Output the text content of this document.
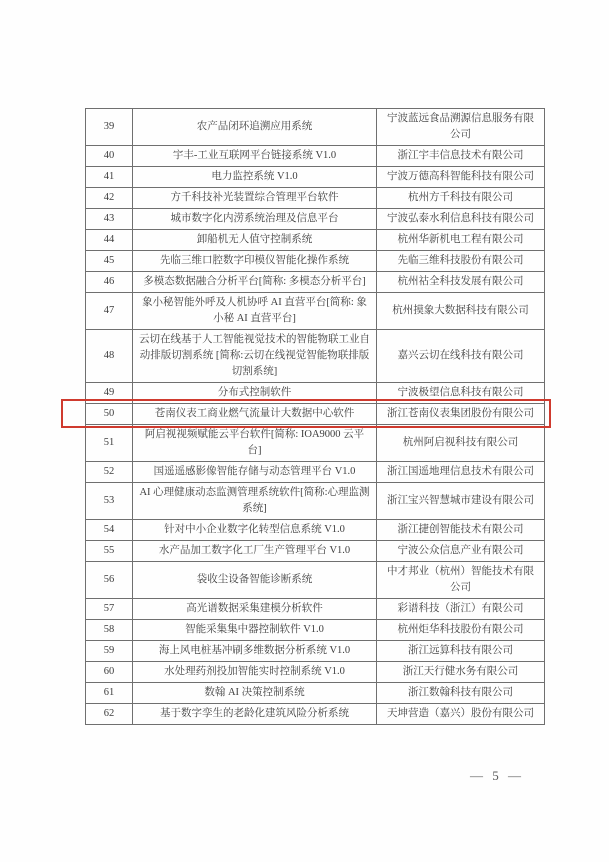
39	农产品闭环追溯应用系统	宁波蓝远食品溯源信息服务有限公司
40	宇丰-工业互联网平台链接系统 V1.0	浙江宇丰信息技术有限公司
41	电力监控系统 V1.0	宁波万德高科智能科技有限公司
42	方千科技补光装置综合管理平台软件	杭州方千科技有限公司
43	城市数字化内涝系统治理及信息平台	宁波弘泰水利信息科技有限公司
44	卸船机无人值守控制系统	杭州华新机电工程有限公司
45	先临三维口腔数字印模仪智能化操作系统	先临三维科技股份有限公司
46	多模态数据融合分析平台[简称: 多模态分析平台]	杭州祜全科技发展有限公司
47	象小秘智能外呼及人机协呼 AI 直营平台[简称: 象小秘 AI 直营平台]	杭州摸象大数据科技有限公司
48	云切在线基于人工智能视觉技术的智能物联工业自动排版切割系统 [简称:云切在线视觉智能物联排版切割系统]	嘉兴云切在线科技有限公司
49	分布式控制软件	宁波极望信息科技有限公司
50	苍南仪表工商业燃气流量计大数据中心软件	浙江苍南仪表集团股份有限公司
51	阿启视视频赋能云平台软件[简称: IOA9000 云平台]	杭州阿启视科技有限公司
52	国遥遥感影像智能存储与动态管理平台 V1.0	浙江国遥地理信息技术有限公司
53	AI 心理健康动态监测管理系统软件[简称:心理监测系统]	浙江宝兴智慧城市建设有限公司
54	针对中小企业数字化转型信息系统 V1.0	浙江捷创智能技术有限公司
55	水产品加工数字化工厂生产管理平台 V1.0	宁波公众信息产业有限公司
56	袋收尘设备智能诊断系统	中才邦业（杭州）智能技术有限公司
57	高光谱数据采集建模分析软件	彩谱科技（浙江）有限公司
58	智能采集集中器控制软件 V1.0	杭州炬华科技股份有限公司
59	海上风电桩基冲刷多维数据分析系统 V1.0	浙江远算科技有限公司
60	水处理药剂投加智能实时控制系统 V1.0	浙江天行健水务有限公司
61	数翰 AI 决策控制系统	浙江数翰科技有限公司
62	基于数字孪生的老龄化建筑风险分析系统	天坤营造（嘉兴）股份有限公司
— 5 —
